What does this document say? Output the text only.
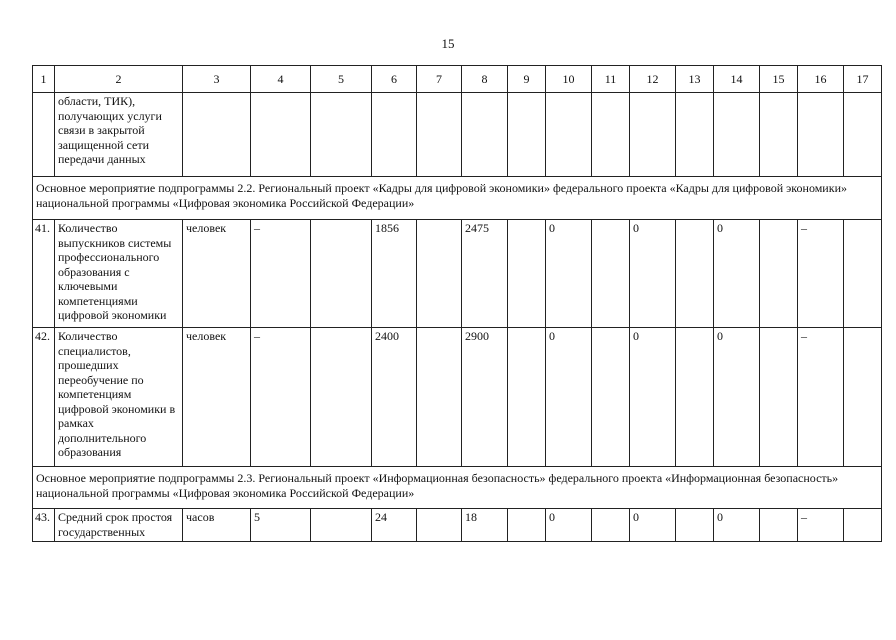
15
1	2	3	4	5	6	7	8	9	10	11	12	13	14	15	16	17
	области, ТИК), получающих услуги связи в закрытой защищенной сети передачи данных															
Основное мероприятие подпрограммы 2.2. Региональный проект «Кадры для цифровой экономики» федерального проекта «Кадры для цифровой экономики» национальной программы «Цифровая экономика Российской Федерации»																
41.	Количество выпускников системы профессионального образования с ключевыми компетенциями цифровой экономики	человек	–		1856		2475		0		0		0		–	
42.	Количество специалистов, прошедших переобучение по компетенциям цифровой экономики в рамках дополнительного образования	человек	–		2400		2900		0		0		0		–	
Основное мероприятие подпрограммы 2.3. Региональный проект «Информационная безопасность» федерального проекта «Информационная безопасность» национальной программы «Цифровая экономика Российской Федерации»																
43.	Средний срок простоя государственных	часов	5		24		18		0		0		0		–	
